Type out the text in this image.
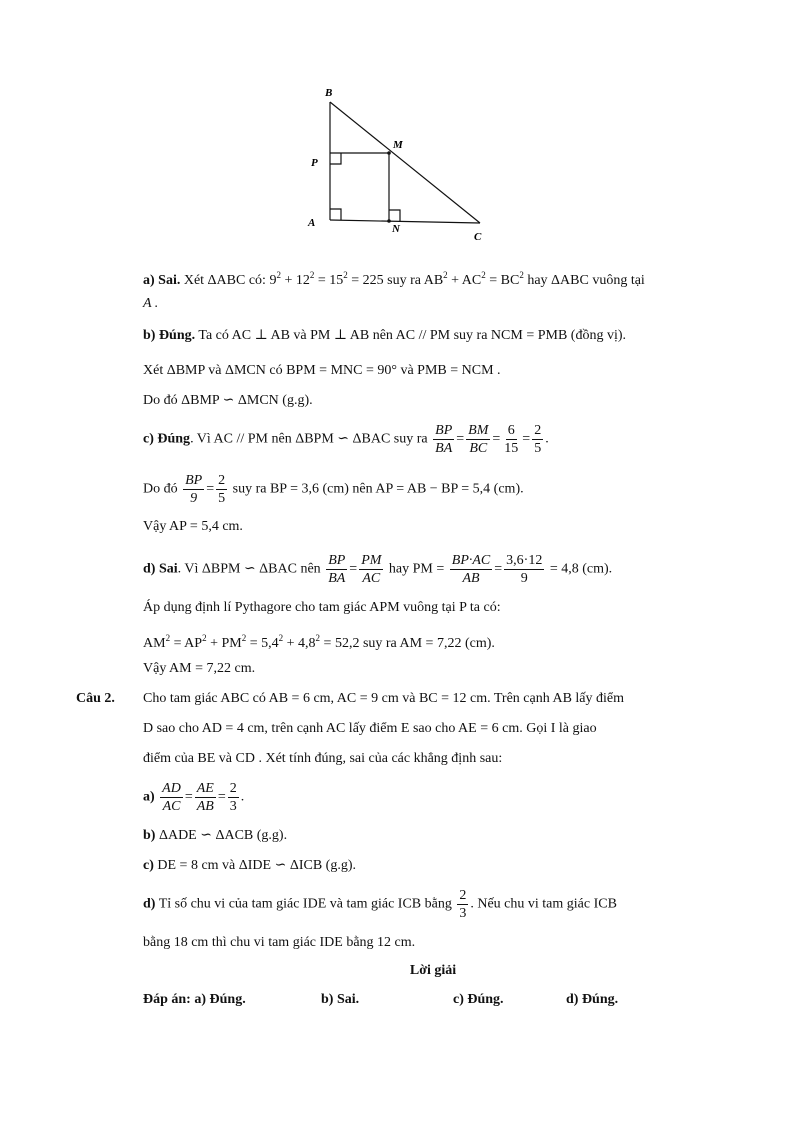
B
M
P
A	N
C
a) Sai. Xét ΔABC có: $9^2 + 12^2 = 15^2 = 225$ suy ra $AB^2 + AC^2 = BC^2$ hay ΔABC vuông tại
A .
b) Đúng. Ta có AC ⊥ AB và PM ⊥ AB nên AC // PM suy ra NCM = PMB (đồng vị).
Xét ΔBMP và ΔMCN có BPM = MNC = 90° và PMB = NCM .
Do đó ΔBMP ∽ ΔMCN (g.g).
c) Đúng. Vì AC // PM nên ΔBPM ∽ ΔBAC suy ra $\frac{BP}{BA} = \frac{BM}{BC} = \frac{6}{15} = \frac{2}{5}$ .
Do đó $\frac{BP}{9} = \frac{2}{5}$ suy ra BP = 3,6 (cm) nên AP = AB − BP = 5,4 (cm).
Vậy AP = 5,4 cm.
d) Sai. Vì ΔBPM ∽ ΔBAC nên $\frac{BP}{BA} = \frac{PM}{AC}$ hay PM = $\frac{BP\cdot AC}{AB} = \frac{3,6\cdot 12}{9} = 4,8$ (cm).
Áp dụng định lí Pythagore cho tam giác APM vuông tại P ta có:
$AM^2 = AP^2 + PM^2 = 5,4^2 + 4,8^2 = 52,2$ suy ra AM = 7,22 (cm).
Vậy AM = 7,22 cm.
Câu 2. Cho tam giác ABC có AB = 6 cm, AC = 9 cm và BC = 12 cm. Trên cạnh AB lấy điểm
D sao cho AD = 4 cm, trên cạnh AC lấy điểm E sao cho AE = 6 cm. Gọi I là giao
điểm của BE và CD . Xét tính đúng, sai của các khẳng định sau:
$a) \frac{AD}{AC} = \frac{AE}{AB} = \frac{2}{3}$ .
b) ΔADE ∽ ΔACB (g.g).
c) DE = 8 cm và ΔIDE ∽ ΔICB (g.g).
d) Tỉ số chu vi của tam giác IDE và tam giác ICB bằng $\frac{2}{3}$ . Nếu chu vi tam giác ICB
bằng 18 cm thì chu vi tam giác IDE bằng 12 cm.
Lời giải
Đáp án: a) Đúng.	b) Sai.	c) Đúng.	d) Đúng.
